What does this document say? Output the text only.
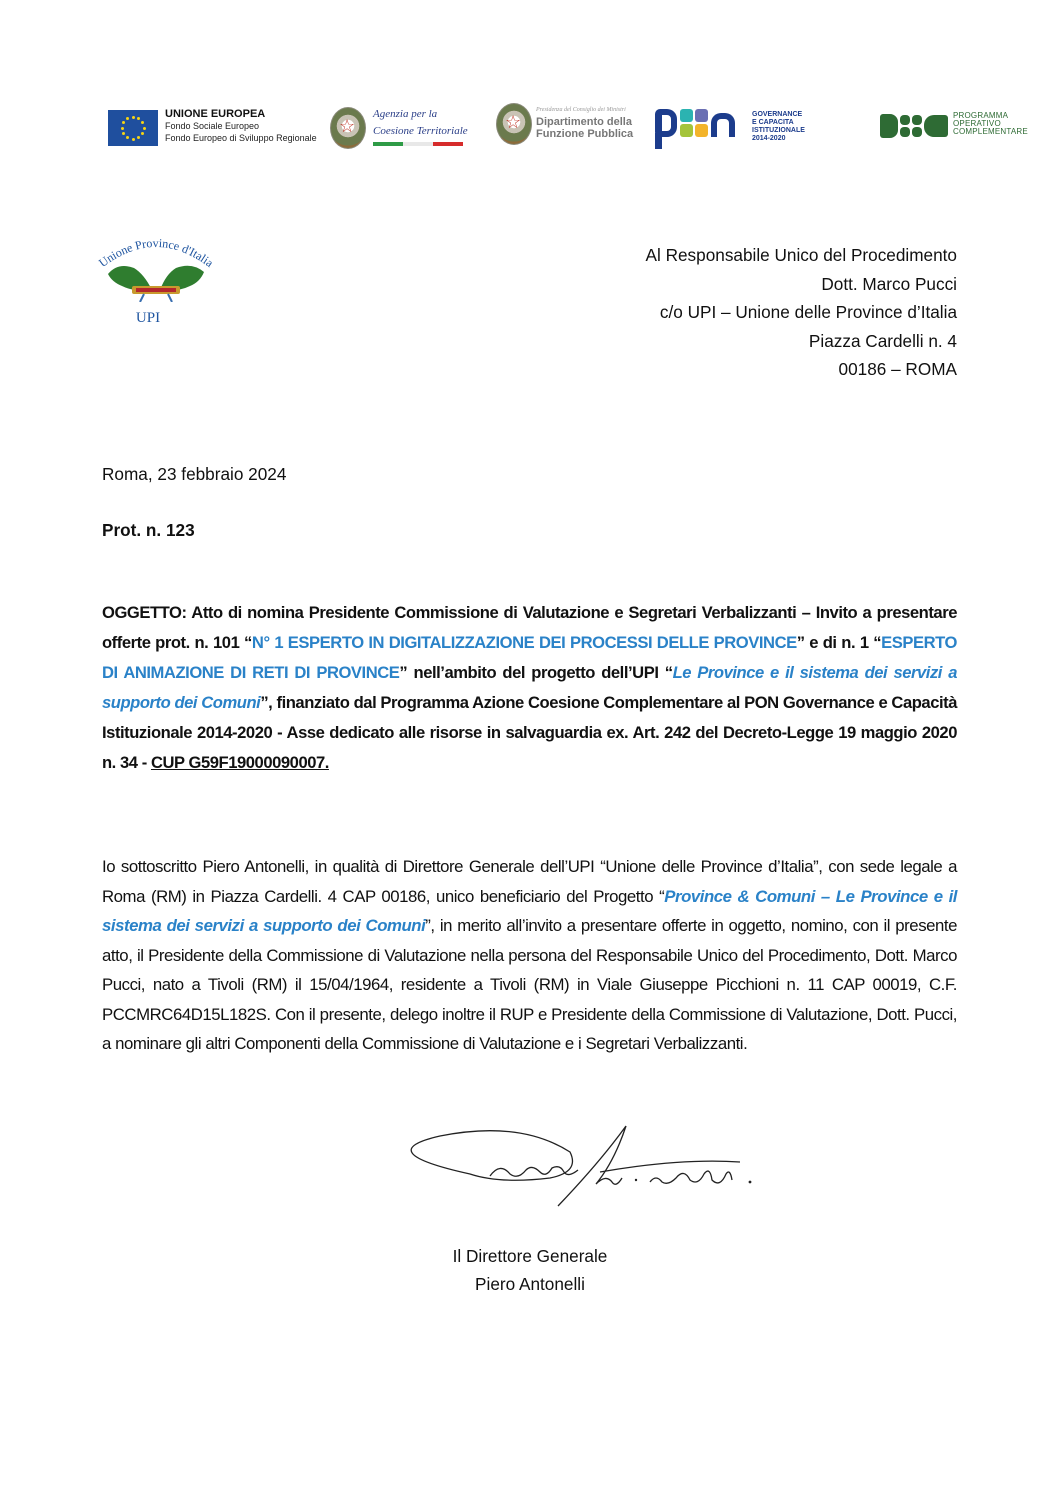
UNIONE EUROPEA
Fondo Sociale Europeo
Fondo Europeo di Sviluppo Regionale
☆
Agenzia per la
Coesione Territoriale ☆
Presidenza del Consiglio dei Ministri
Dipartimento della
Funzione Pubblica
GOVERNANCE
E CAPACITA
ISTITUZIONALE
2014-2020
PROGRAMMA
OPERATIVO
COMPLEMENTARE
Unione Province d'Italia
UPI
Al Responsabile Unico del Procedimento
Dott. Marco Pucci
c/o UPI – Unione delle Province d’Italia
Piazza Cardelli n. 4
00186 – ROMA
Roma, 23 febbraio 2024
Prot. n. 123
OGGETTO: Atto di nomina Presidente Commissione di Valutazione e Segretari Verbalizzanti – Invito a presentare offerte prot. n. 101 “N° 1 ESPERTO IN DIGITALIZZAZIONE DEI PROCESSI DELLE PROVINCE” e di n. 1 “ESPERTO DI ANIMAZIONE DI RETI DI PROVINCE” nell’ambito del progetto dell’UPI “Le Province e il sistema dei servizi a supporto dei Comuni”, finanziato dal Programma Azione Coesione Complementare al PON Governance e Capacità Istituzionale 2014-2020 - Asse dedicato alle risorse in salvaguardia ex. Art. 242 del Decreto-Legge 19 maggio 2020 n. 34 - CUP G59F19000090007.
Io sottoscritto Piero Antonelli, in qualità di Direttore Generale dell’UPI “Unione delle Province d’Italia”, con sede legale a Roma (RM) in Piazza Cardelli. 4 CAP 00186, unico beneficiario del Progetto “Province & Comuni – Le Province e il sistema dei servizi a supporto dei Comuni”, in merito all’invito a presentare offerte in oggetto, nomino, con il presente atto, il Presidente della Commissione di Valutazione nella persona del Responsabile Unico del Procedimento, Dott. Marco Pucci, nato a Tivoli (RM) il 15/04/1964, residente a Tivoli (RM) in Viale Giuseppe Picchioni n. 11 CAP 00019, C.F. PCCMRC64D15L182S. Con il presente, delego inoltre il RUP e Presidente della Commissione di Valutazione, Dott. Pucci, a nominare gli altri Componenti della Commissione di Valutazione e i Segretari Verbalizzanti.
Il Direttore Generale
Piero Antonelli
